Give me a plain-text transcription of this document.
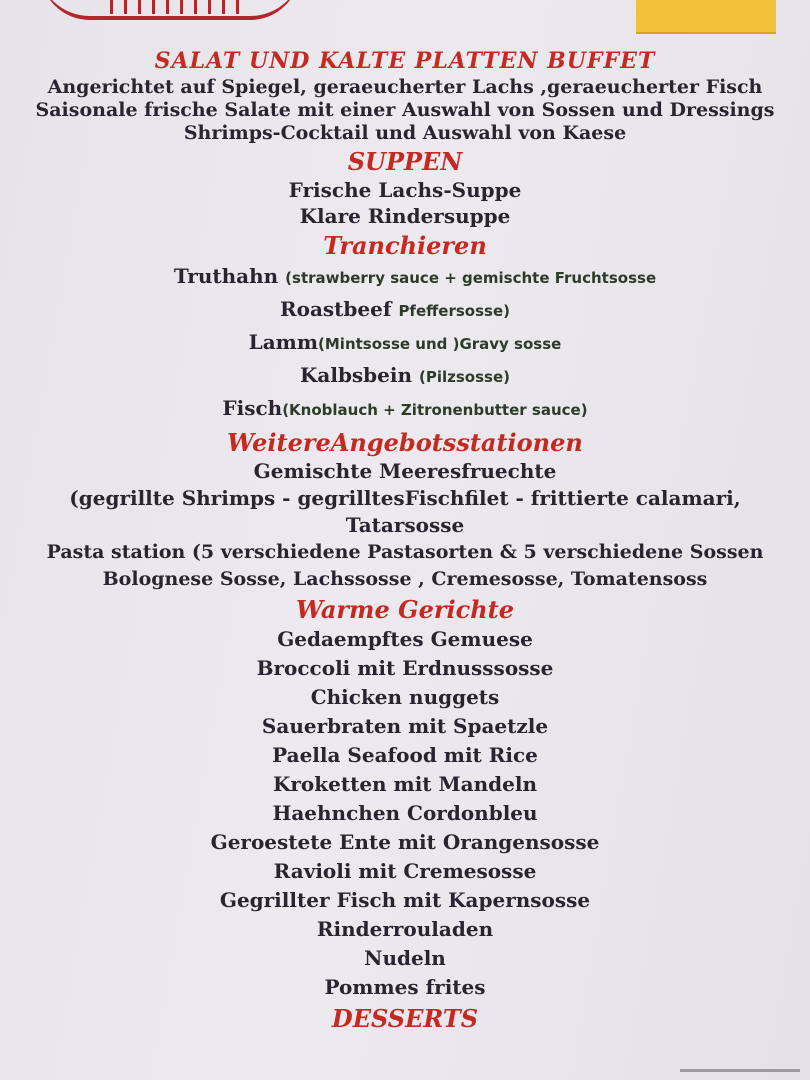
SALAT UND KALTE PLATTEN BUFFET

Angerichtet auf Spiegel, geraeucherter Lachs ,geraeucherter Fisch

Saisonale frische Salate mit einer Auswahl von Sossen und Dressings

Shrimps-Cocktail und Auswahl von Kaese

SUPPEN
Frische Lachs-Suppe
Klare Rindersuppe
Tranchieren
Truthahn (strawberry sauce + gemischte Fruchtsosse
Roastbeef Pfeffersosse)
Lamm(Mintsosse und )Gravy sosse
Kalbsbein (Pilzsosse)
Fisch(Knoblauch + Zitronenbutter sauce)
WeitereAngebotsstationen
Gemischte Meeresfruechte
(gegrillte Shrimps - gegrilltesFischfilet - frittierte calamari,
Tatarsosse
Pasta station (5 verschiedene Pastasorten & 5 verschiedene Sossen
Bolognese Sosse, Lachssosse , Cremesosse, Tomatensoss
Warme Gerichte
Gedaempftes Gemuese
Broccoli mit Erdnusssosse
Chicken nuggets
Sauerbraten mit Spaetzle
Paella Seafood mit Rice
Kroketten mit Mandeln
Haehnchen Cordonbleu
Geroestete Ente mit Orangensosse
Ravioli mit Cremesosse
Gegrillter Fisch mit Kapernsosse
Rinderrouladen
Nudeln
Pommes frites
DESSERTS
